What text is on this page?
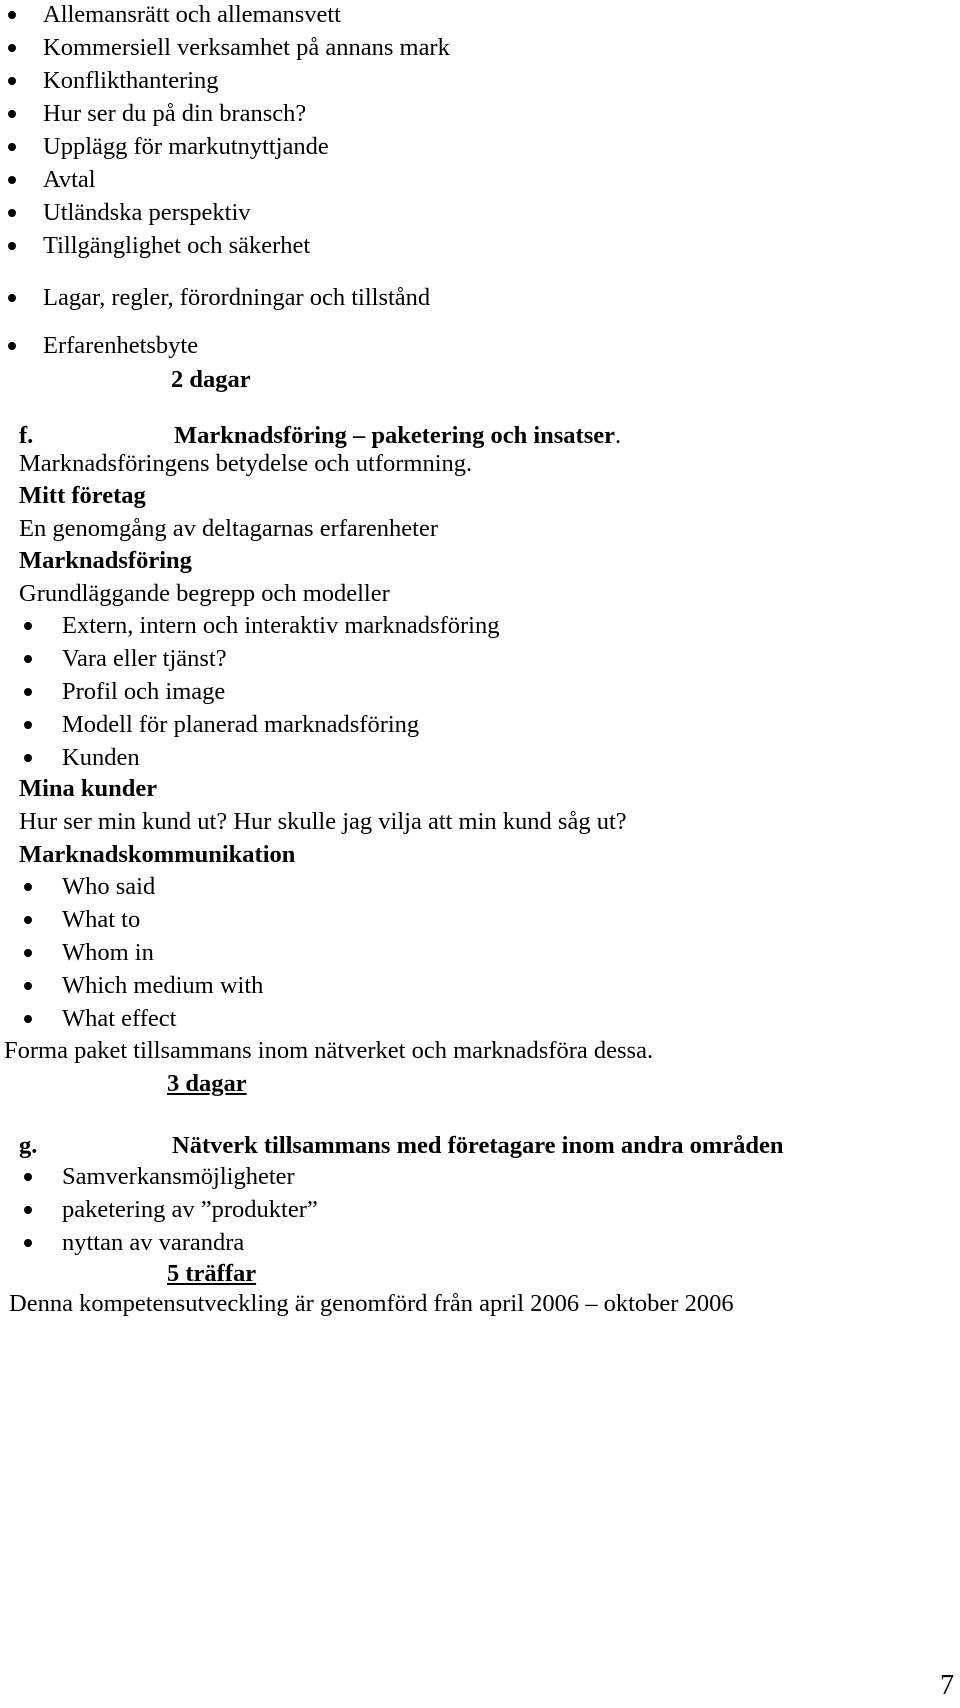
Allemansrätt och allemansvett
Kommersiell verksamhet på annans mark
Konflikthantering
Hur ser du på din bransch?
Upplägg för markutnyttjande
Avtal
Utländska perspektiv
Tillgänglighet och säkerhet
Lagar, regler, förordningar och tillstånd
Erfarenhetsbyte
2 dagar
f.	Marknadsföring – paketering och insatser.
Marknadsföringens betydelse och utformning.
Mitt företag
En genomgång av deltagarnas erfarenheter
Marknadsföring
Grundläggande begrepp och modeller
Extern, intern och interaktiv marknadsföring
Vara eller tjänst?
Profil och image
Modell för planerad marknadsföring
Kunden
Mina kunder
Hur ser min kund ut? Hur skulle jag vilja att min kund såg ut?
Marknadskommunikation
Who said
What to
Whom in
Which medium with
What effect
Forma paket tillsammans inom nätverket och marknadsföra dessa.
3 dagar
g.	Nätverk tillsammans med företagare inom andra områden
Samverkansmöjligheter
paketering av ”produkter”
nyttan av varandra
5 träffar
Denna kompetensutveckling är genomförd från april 2006 – oktober 2006
7
